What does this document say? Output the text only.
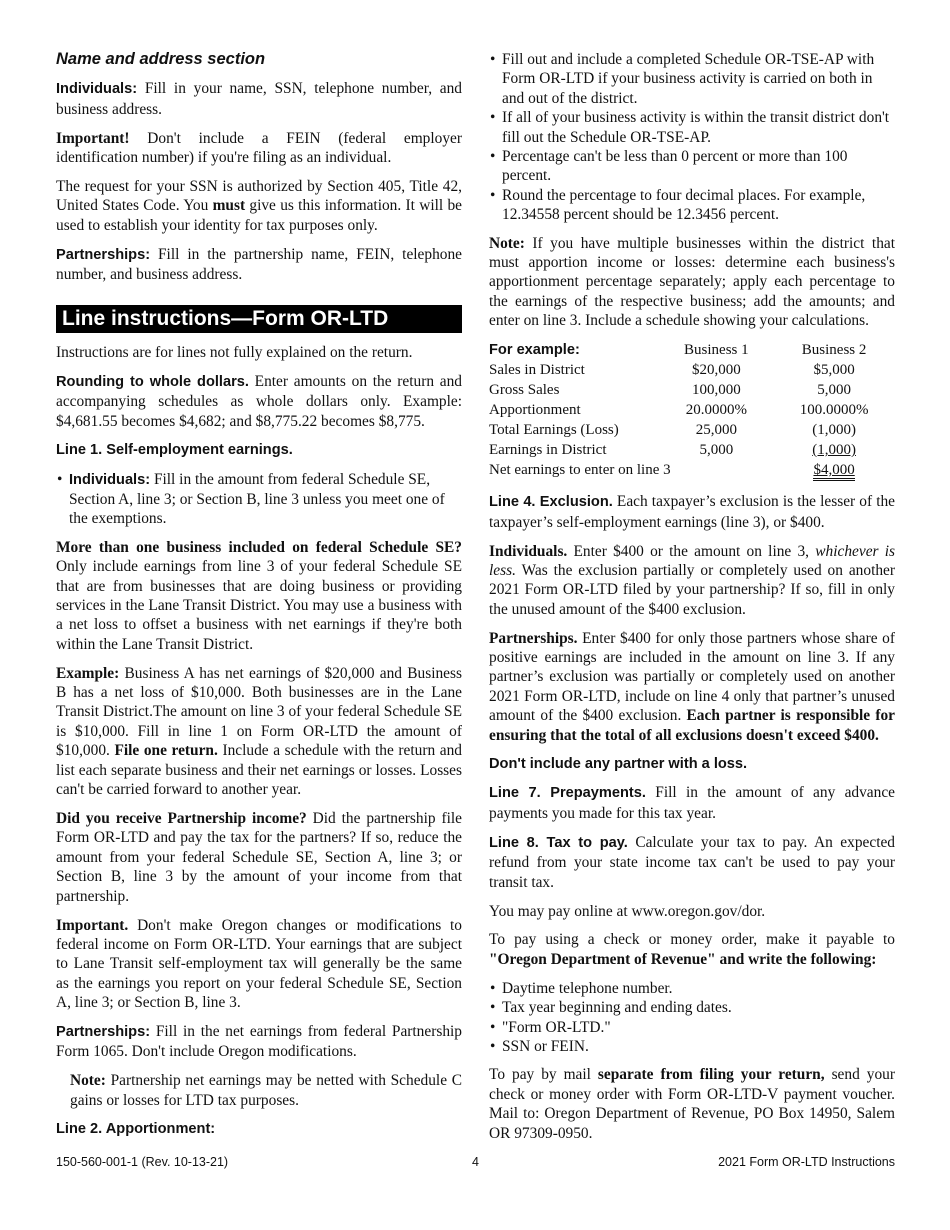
Name and address section

Individuals: Fill in your name, SSN, telephone number, and business address.

Important! Don't include a FEIN (federal employer identification number) if you're filing as an individual.

The request for your SSN is authorized by Section 405, Title 42, United States Code. You must give us this information. It will be used to establish your identity for tax purposes only.

Partnerships: Fill in the partnership name, FEIN, telephone number, and business address.

Line instructions—Form OR-LTD

Instructions are for lines not fully explained on the return.

Rounding to whole dollars. Enter amounts on the return and accompanying schedules as whole dollars only. Example: $4,681.55 becomes $4,682; and $8,775.22 becomes $8,775.

Line 1. Self-employment earnings.

• Individuals: Fill in the amount from federal Schedule SE, Section A, line 3; or Section B, line 3 unless you meet one of the exemptions.

More than one business included on federal Schedule SE? Only include earnings from line 3 of your federal Schedule SE that are from businesses that are doing business or providing services in the Lane Transit District. You may use a business with a net loss to offset a business with net earnings if they're both within the Lane Transit District.

Example: Business A has net earnings of $20,000 and Business B has a net loss of $10,000. Both businesses are in the Lane Transit District.The amount on line 3 of your federal Schedule SE is $10,000. Fill in line 1 on Form OR-LTD the amount of $10,000. File one return. Include a schedule with the return and list each separate business and their net earnings or losses. Losses can't be carried forward to another year.

Did you receive Partnership income? Did the partnership file Form OR-LTD and pay the tax for the partners? If so, reduce the amount from your federal Schedule SE, Section A, line 3; or Section B, line 3 by the amount of your income from that partnership.

Important. Don't make Oregon changes or modifications to federal income on Form OR-LTD. Your earnings that are subject to Lane Transit self-employment tax will generally be the same as the earnings you report on your federal Schedule SE, Section A, line 3; or Section B, line 3.

Partnerships: Fill in the net earnings from federal Partnership Form 1065. Don't include Oregon modifications.

Note: Partnership net earnings may be netted with Schedule C gains or losses for LTD tax purposes.

Line 2. Apportionment:

• Fill out and include a completed Schedule OR-TSE-AP with Form OR-LTD if your business activity is carried on both in and out of the district.
• If all of your business activity is within the transit district don't fill out the Schedule OR-TSE-AP.
• Percentage can't be less than 0 percent or more than 100 percent.
• Round the percentage to four decimal places. For example, 12.34558 percent should be 12.3456 percent.

Note: If you have multiple businesses within the district that must apportion income or losses: determine each business's apportionment percentage separately; apply each percentage to the earnings of the respective business; add the amounts; and enter on line 3. Include a schedule showing your calculations.

For example:	Business 1	Business 2
Sales in District	$20,000	$5,000
Gross Sales	100,000	5,000
Apportionment	20.0000%	100.0000%
Total Earnings (Loss)	25,000	(1,000)
Earnings in District	5,000	(1,000)
Net earnings to enter on line 3		$4,000

Line 4. Exclusion. Each taxpayer’s exclusion is the lesser of the taxpayer’s self-employment earnings (line 3), or $400.

Individuals. Enter $400 or the amount on line 3, whichever is less. Was the exclusion partially or completely used on another 2021 Form OR-LTD filed by your partnership? If so, fill in only the unused amount of the $400 exclusion.

Partnerships. Enter $400 for only those partners whose share of positive earnings are included in the amount on line 3. If any partner’s exclusion was partially or completely used on another 2021 Form OR-LTD, include on line 4 only that partner’s unused amount of the $400 exclusion. Each partner is responsible for ensuring that the total of all exclusions doesn't exceed $400.

Don't include any partner with a loss.

Line 7. Prepayments. Fill in the amount of any advance payments you made for this tax year.

Line 8. Tax to pay. Calculate your tax to pay. An expected refund from your state income tax can't be used to pay your transit tax.

You may pay online at www.oregon.gov/dor.

To pay using a check or money order, make it payable to "Oregon Department of Revenue" and write the following:

• Daytime telephone number.
• Tax year beginning and ending dates.
• "Form OR-LTD."
• SSN or FEIN.

To pay by mail separate from filing your return, send your check or money order with Form OR-LTD-V payment voucher. Mail to: Oregon Department of Revenue, PO Box 14950, Salem OR 97309-0950.

150-560-001-1 (Rev. 10-13-21)	4	2021 Form OR-LTD Instructions
